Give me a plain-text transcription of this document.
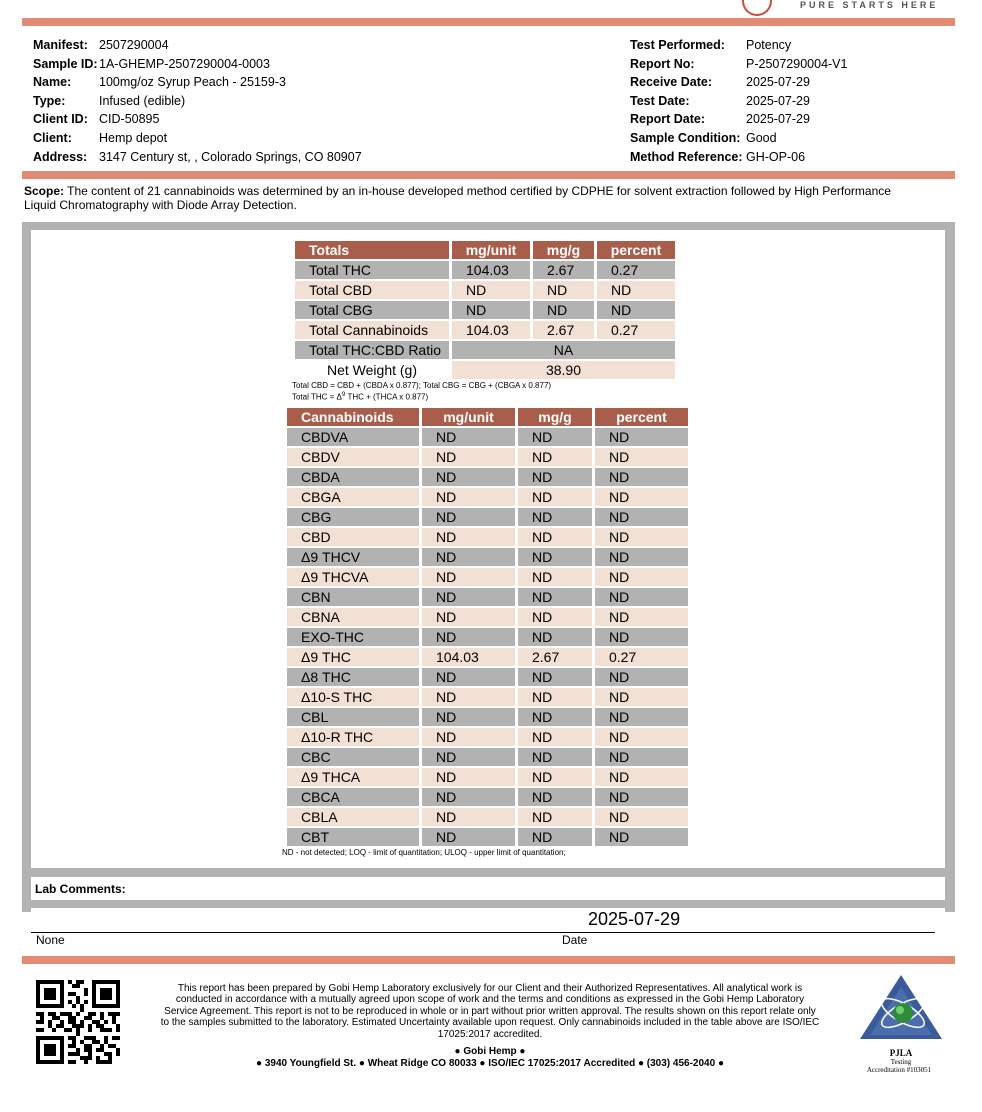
PURE STARTS HERE
Manifest: 2507290004
Sample ID: 1A-GHEMP-2507290004-0003
Name:	100mg/oz Syrup Peach - 25159-3
Type:	Infused (edible)
Client ID: CID-50895
Client:	Hemp depot
Address: 3147 Century st, , Colorado Springs, CO 80907
Test Performed:	Potency
Report No:	P-2507290004-V1
Receive Date:	2025-07-29
Test Date:	2025-07-29
Report Date:	2025-07-29
Sample Condition: Good
Method Reference: GH-OP-06
Scope: The content of 21 cannabinoids was determined by an in-house developed method certified by CDPHE for solvent extraction followed by High Performance Liquid Chromatography with Diode Array Detection.
Totals	mg/unit	mg/g	percent
Total THC	104.03	2.67	0.27
Total CBD	ND	ND	ND
Total CBG	ND	ND	ND
Total Cannabinoids	104.03	2.67	0.27
Total THC:CBD Ratio	NA		
Net Weight (g)	38.90		
Total CBD = CBD + (CBDA x 0.877); Total CBG = CBG + (CBGA x 0.877)
Total THC = $\Delta^9$ THC + (THCA x 0.877)
Cannabinoids	mg/unit	mg/g	percent
CBDVA	ND	ND	ND
CBDV	ND	ND	ND
CBDA	ND	ND	ND
CBGA	ND	ND	ND
CBG	ND	ND	ND
CBD	ND	ND	ND
Δ9 THCV	ND	ND	ND
Δ9 THCVA	ND	ND	ND
CBN	ND	ND	ND
CBNA	ND	ND	ND
EXO-THC	ND	ND	ND
Δ9 THC	104.03	2.67	0.27
Δ8 THC	ND	ND	ND
Δ10-S THC	ND	ND	ND
CBL	ND	ND	ND
Δ10-R THC	ND	ND	ND
CBC	ND	ND	ND
Δ9 THCA	ND	ND	ND
CBCA	ND	ND	ND
CBLA	ND	ND	ND
CBT	ND	ND	ND
ND - not detected; LOQ - limit of quantitation; ULOQ - upper limit of quantitation;
Lab Comments:
2025-07-29
None	Date
This report has been prepared by Gobi Hemp Laboratory exclusively for our Client and their Authorized Representatives. All analytical work is conducted in accordance with a mutually agreed upon scope of work and the terms and conditions as expressed in the Gobi Hemp Laboratory Service Agreement. This report is not to be reproduced in whole or in part without prior written approval. The results shown on this report relate only to the samples submitted to the laboratory. Estimated Uncertainty available upon request. Only cannabinoids included in the table above are ISO/IEC 17025:2017 accredited.
● Gobi Hemp ●
● 3940 Youngfield St. ● Wheat Ridge CO 80033 ● ISO/IEC 17025:2017 Accredited ● (303) 456-2040 ●
PJLA
Testing
Accreditation #103051
